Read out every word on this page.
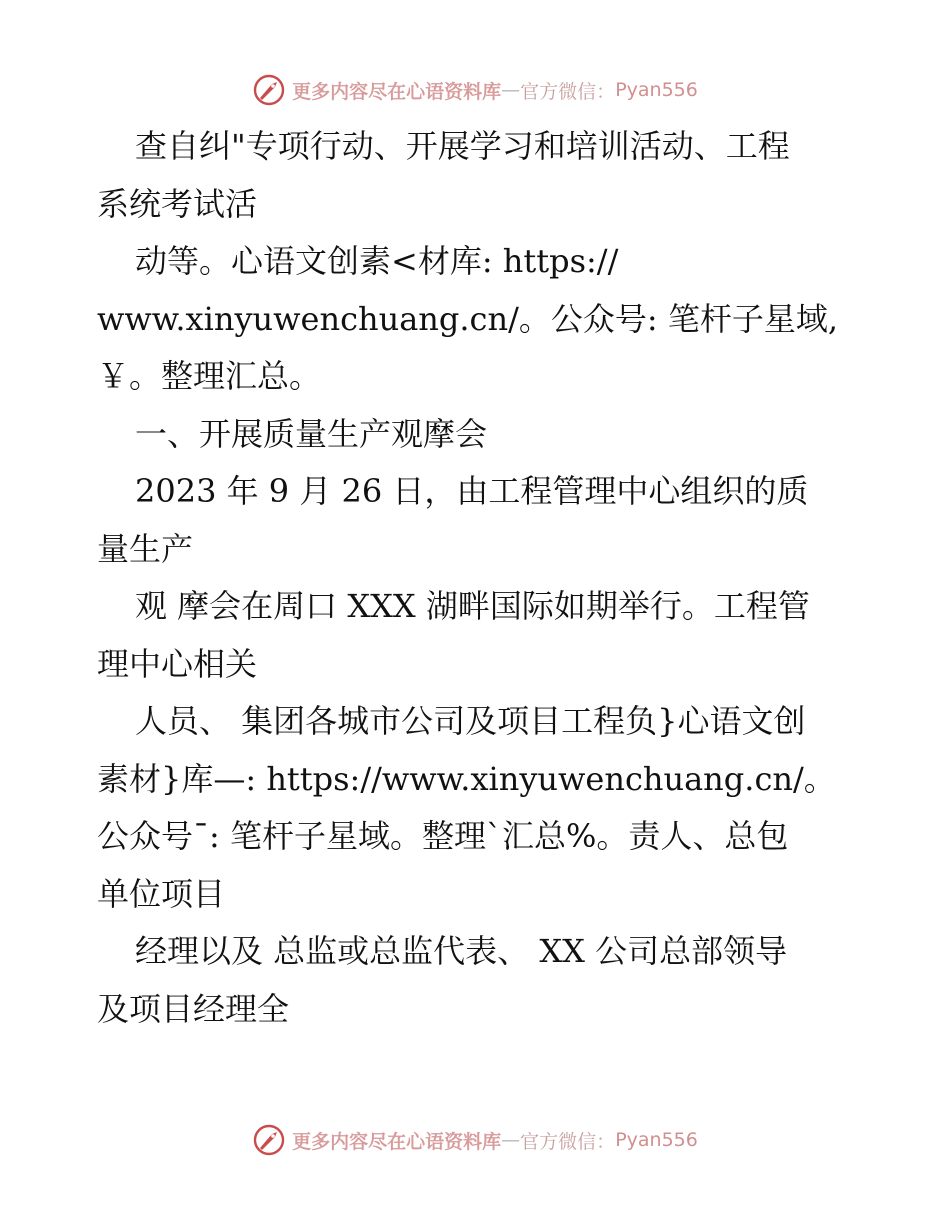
更多内容尽在心语资料库 — 官方微信： Pyan556
查自纠"专项行动、开展学习和培训活动、工程
系统考试活
动等。心语文创素<材库: https://
www.xinyuwenchuang.cn/。公众号: 笔杆子星域,
￥。整理汇总。
一、开展质量生产观摩会
2023 年 9 月 26 日，由工程管理中心组织的质
量生产
观 摩会在周口 XXX 湖畔国际如期举行。工程管
理中心相关
人员、 集团各城市公司及项目工程负}心语文创
素材}库—: https://www.xinyuwenchuang.cn/。
公众号¯: 笔杆子星域。整理`汇总%。责人、总包
单位项目
经理以及 总监或总监代表、 XX 公司总部领导
及项目经理全
更多内容尽在心语资料库 — 官方微信： Pyan556
